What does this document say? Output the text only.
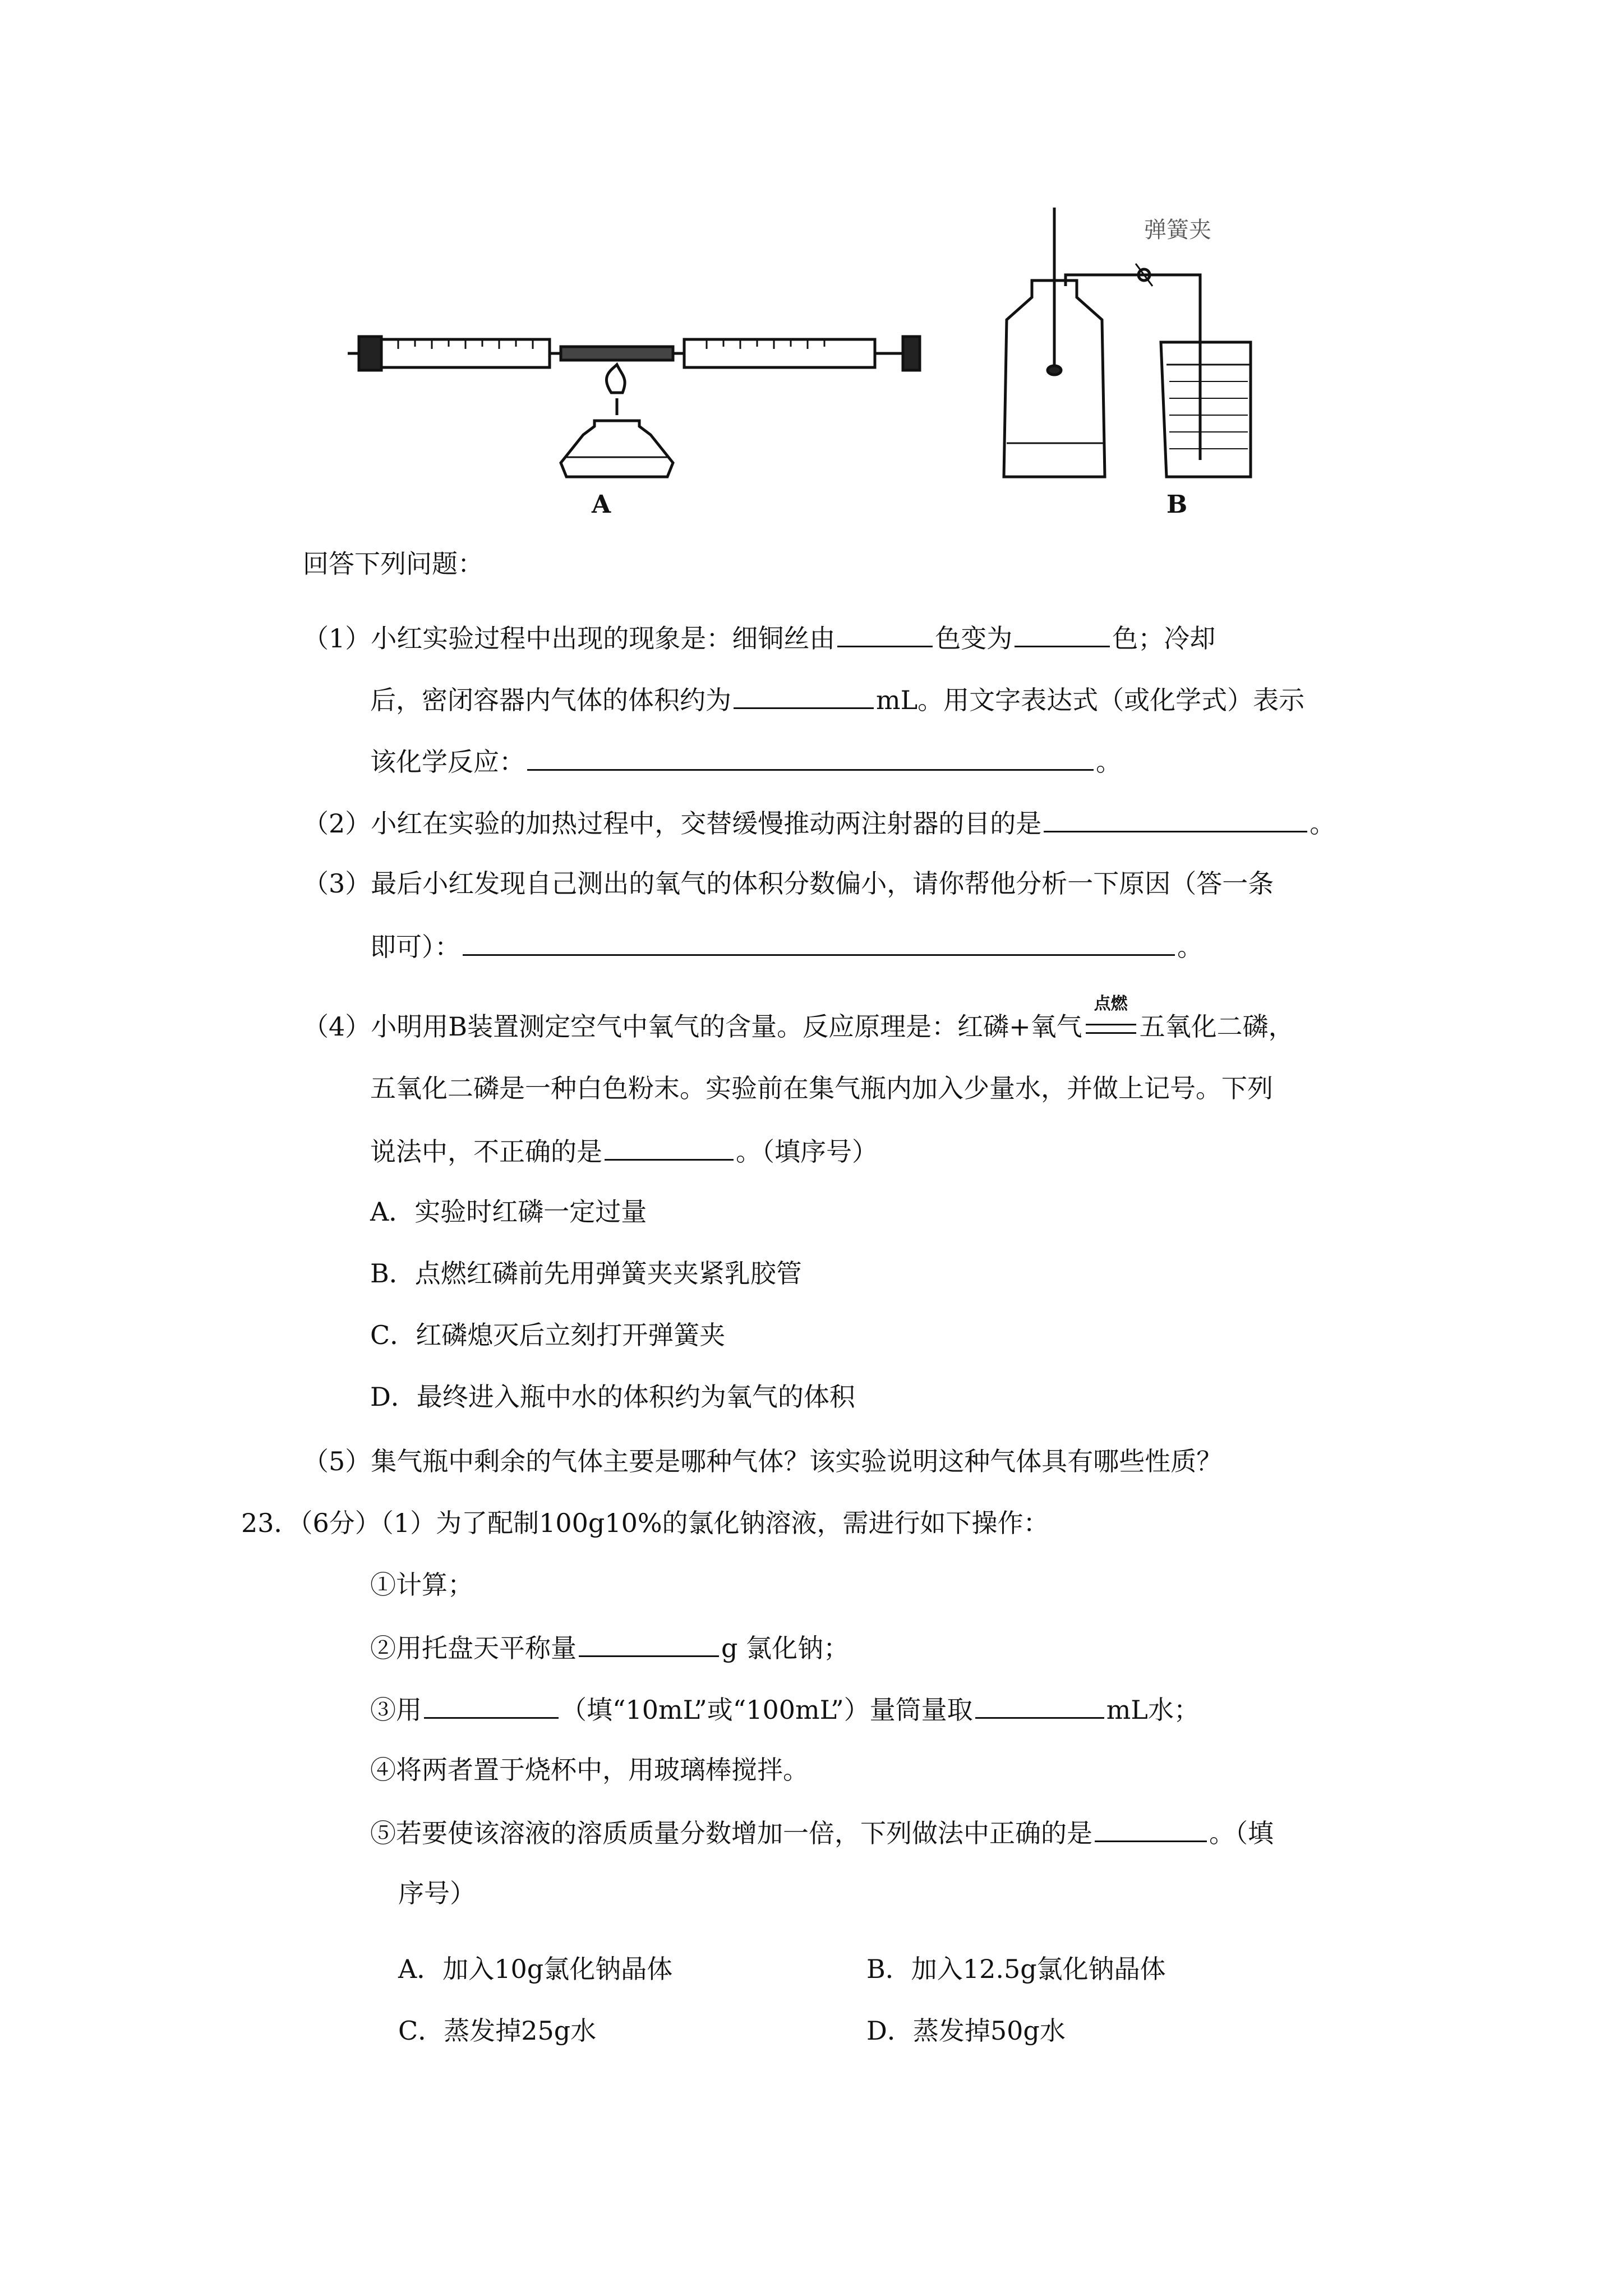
A
弹簧夹
B
回答下列问题：
（1）小红实验过程中出现的现象是：细铜丝由	色变为	色；冷却
后，密闭容器内气体的体积约为	mL。用文字表达式（或化学式）表示
该化学反应：	。
（2）小红在实验的加热过程中，交替缓慢推动两注射器的目的是	。
（3）最后小红发现自己测出的氧气的体积分数偏小，请你帮他分析一下原因（答一条
即可）：	。
（4）小明用B装置测定空气中氧气的含量。反应原理是：红磷+氧气
点燃
五氧化二磷，
五氧化二磷是一种白色粉末。实验前在集气瓶内加入少量水，并做上记号。下列
说法中，不正确的是	。（填序号）
A．实验时红磷一定过量
B．点燃红磷前先用弹簧夹夹紧乳胶管
C．红磷熄灭后立刻打开弹簧夹
D．最终进入瓶中水的体积约为氧气的体积
（5）集气瓶中剩余的气体主要是哪种气体？该实验说明这种气体具有哪些性质？
23．（6分）（1）为了配制100g10%的氯化钠溶液，需进行如下操作：
①计算；
②用托盘天平称量	g 氯化钠；
③用	（填“10mL”或“100mL”）量筒量取	mL水；
④将两者置于烧杯中，用玻璃棒搅拌。
⑤若要使该溶液的溶质质量分数增加一倍，下列做法中正确的是	。（填
序号）
A．加入10g氯化钠晶体	B．加入12.5g氯化钠晶体
C．蒸发掉25g水	D．蒸发掉50g水
